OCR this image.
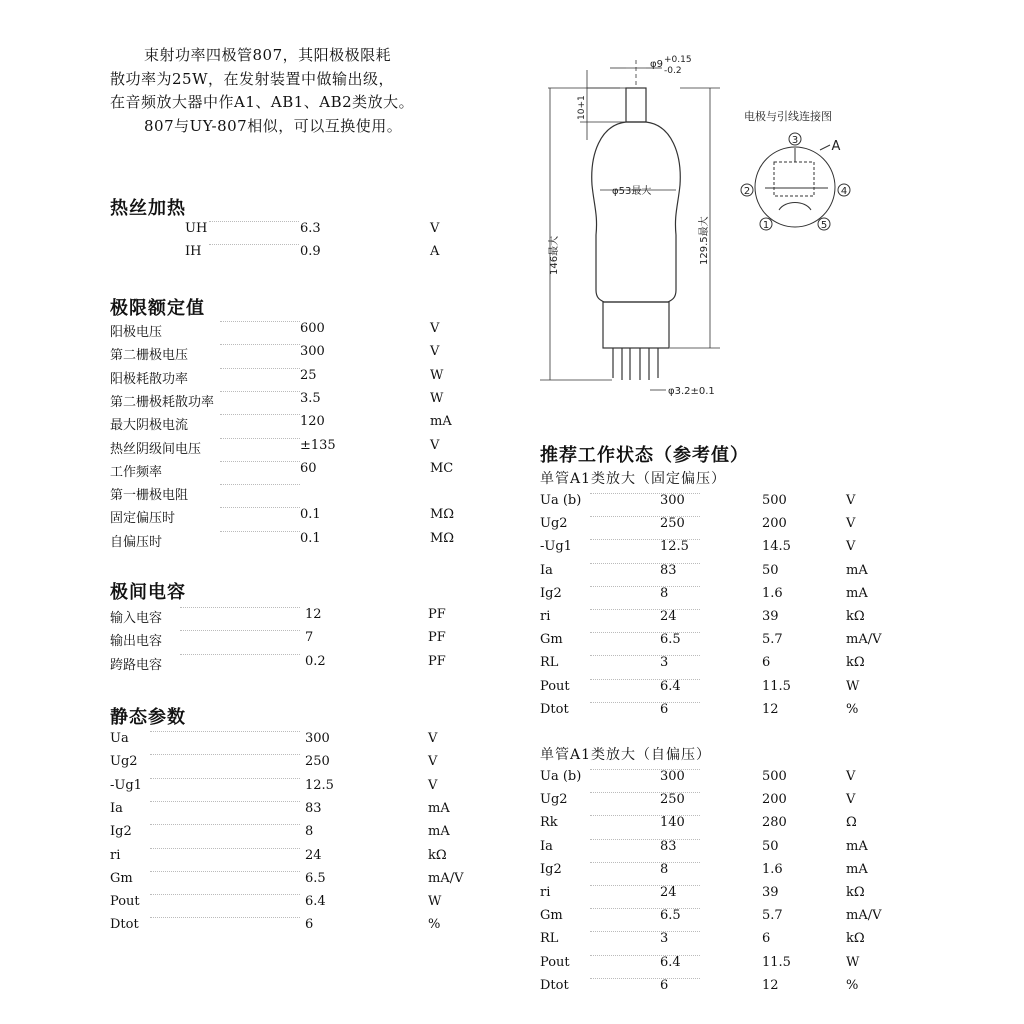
束射功率四极管807，其阳极极限耗

散功率为25W，在发射装置中做输出级，

在音频放大器中作A1、AB1、AB2类放大。

807与UY-807相似，可以互换使用。

热丝加热
极限额定值
极间电容
静态参数
UH	6.3	V
IH	0.9	A
阳极电压	600	V
第二栅极电压	300	V
阳极耗散功率	25	W
第二栅极耗散功率	3.5	W
最大阴极电流	120	mA
热丝阴级间电压	±135	V
工作频率	60	MC
第一栅极电阻
固定偏压时	0.1	MΩ
自偏压时	0.1	MΩ
输入电容	12	PF
输出电容	7	PF
跨路电容	0.2	PF
Ua	300	V
Ug2	250	V
-Ug1	12.5	V
Ia	83	mA
Ig2	8	mA
ri	24	kΩ
Gm	6.5	mA/V
Pout	6.4	W
Dtot	6	%
推荐工作状态（参考值）
单管A1类放大（固定偏压）
Ua (b)	300	500	V
Ug2	250	200	V
-Ug1	12.5	14.5	V
Ia	83	50	mA
Ig2	8	1.6	mA
ri	24	39	kΩ
Gm	6.5	5.7	mA/V
RL	3	6	kΩ
Pout	6.4	11.5	W
Dtot	6	12	%
单管A1类放大（自偏压）
Ua (b)	300	500	V
Ug2	250	200	V
Rk	140	280	Ω
Ia	83	50	mA
Ig2	8	1.6	mA
ri	24	39	kΩ
Gm	6.5	5.7	mA/V
RL	3	6	kΩ
Pout	6.4	11.5	W
Dtot	6	12	%
φ9 +0.15
-0.2
10+1
φ53最大
146最大	129.5最大
φ3.2±0.1
电极与引线连接图
3
2	4
1	5
A
